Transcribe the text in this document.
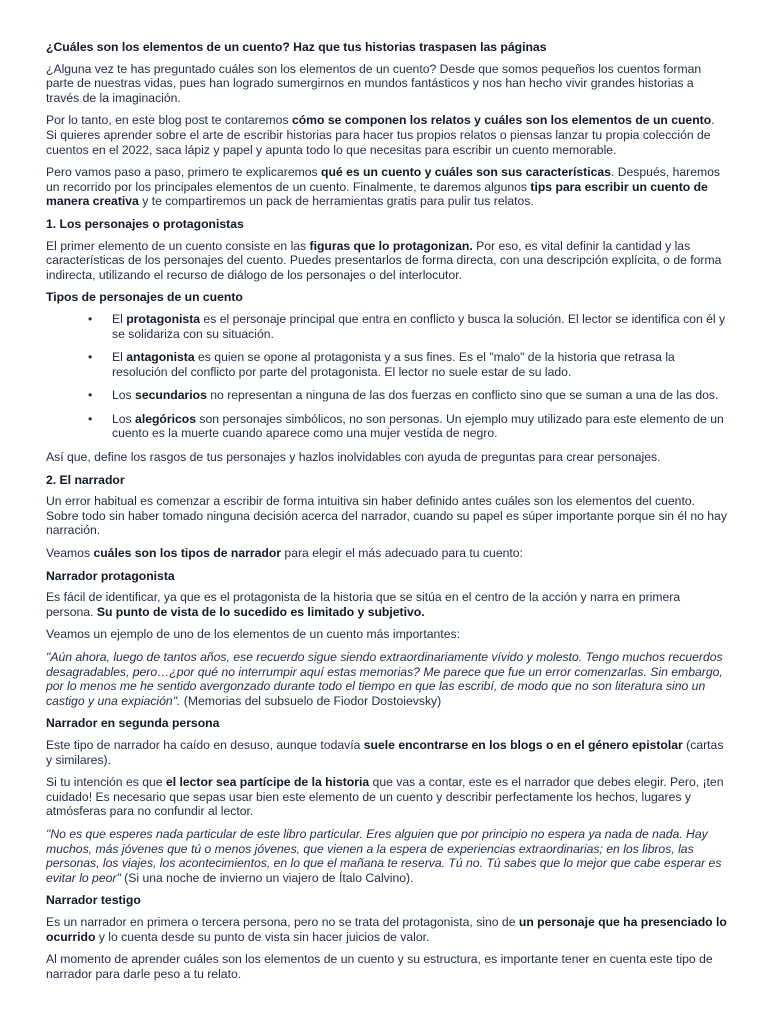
¿Cuáles son los elementos de un cuento? Haz que tus historias traspasen las páginas

¿Alguna vez te has preguntado cuáles son los elementos de un cuento? Desde que somos pequeños los cuentos forman parte de nuestras vidas, pues han logrado sumergirnos en mundos fantásticos y nos han hecho vivir grandes historias a través de la imaginación.

Por lo tanto, en este blog post te contaremos cómo se componen los relatos y cuáles son los elementos de un cuento. Si quieres aprender sobre el arte de escribir historias para hacer tus propios relatos o piensas lanzar tu propia colección de cuentos en el 2022, saca lápiz y papel y apunta todo lo que necesitas para escribir un cuento memorable.

Pero vamos paso a paso, primero te explicaremos qué es un cuento y cuáles son sus características. Después, haremos un recorrido por los principales elementos de un cuento. Finalmente, te daremos algunos tips para escribir un cuento de manera creativa y te compartiremos un pack de herramientas gratis para pulir tus relatos.

1. Los personajes o protagonistas

El primer elemento de un cuento consiste en las figuras que lo protagonizan. Por eso, es vital definir la cantidad y las características de los personajes del cuento. Puedes presentarlos de forma directa, con una descripción explícita, o de forma indirecta, utilizando el recurso de diálogo de los personajes o del interlocutor.

Tipos de personajes de un cuento
• El protagonista es el personaje principal que entra en conflicto y busca la solución. El lector se identifica con él y se solidariza con su situación.
• El antagonista es quien se opone al protagonista y a sus fines. Es el "malo" de la historia que retrasa la resolución del conflicto por parte del protagonista. El lector no suele estar de su lado.
• Los secundarios no representan a ninguna de las dos fuerzas en conflicto sino que se suman a una de las dos.
• Los alegóricos son personajes simbólicos, no son personas. Un ejemplo muy utilizado para este elemento de un cuento es la muerte cuando aparece como una mujer vestida de negro.

Así que, define los rasgos de tus personajes y hazlos inolvidables con ayuda de preguntas para crear personajes.

2. El narrador

Un error habitual es comenzar a escribir de forma intuitiva sin haber definido antes cuáles son los elementos del cuento. Sobre todo sin haber tomado ninguna decisión acerca del narrador, cuando su papel es súper importante porque sin él no hay narración.

Veamos cuáles son los tipos de narrador para elegir el más adecuado para tu cuento:

Narrador protagonista

Es fácil de identificar, ya que es el protagonista de la historia que se sitúa en el centro de la acción y narra en primera persona. Su punto de vista de lo sucedido es limitado y subjetivo.

Veamos un ejemplo de uno de los elementos de un cuento más importantes:

"Aún ahora, luego de tantos años, ese recuerdo sigue siendo extraordinariamente vívido y molesto. Tengo muchos recuerdos desagradables, pero…¿por qué no interrumpir aquí estas memorias? Me parece que fue un error comenzarlas. Sin embargo, por lo menos me he sentido avergonzado durante todo el tiempo en que las escribí, de modo que no son literatura sino un castigo y una expiación". (Memorias del subsuelo de Fiodor Dostoievsky)

Narrador en segunda persona

Este tipo de narrador ha caído en desuso, aunque todavía suele encontrarse en los blogs o en el género epistolar (cartas y similares).

Si tu intención es que el lector sea partícipe de la historia que vas a contar, este es el narrador que debes elegir. Pero, ¡ten cuidado! Es necesario que sepas usar bien este elemento de un cuento y describir perfectamente los hechos, lugares y atmósferas para no confundir al lector.

"No es que esperes nada particular de este libro particular. Eres alguien que por principio no espera ya nada de nada. Hay muchos, más jóvenes que tú o menos jóvenes, que vienen a la espera de experiencias extraordinarias; en los libros, las personas, los viajes, los acontecimientos, en lo que el mañana te reserva. Tú no. Tú sabes que lo mejor que cabe esperar es evitar lo peor" (Si una noche de invierno un viajero de Ítalo Calvino).

Narrador testigo

Es un narrador en primera o tercera persona, pero no se trata del protagonista, sino de un personaje que ha presenciado lo ocurrido y lo cuenta desde su punto de vista sin hacer juicios de valor.

Al momento de aprender cuáles son los elementos de un cuento y su estructura, es importante tener en cuenta este tipo de narrador para darle peso a tu relato.
